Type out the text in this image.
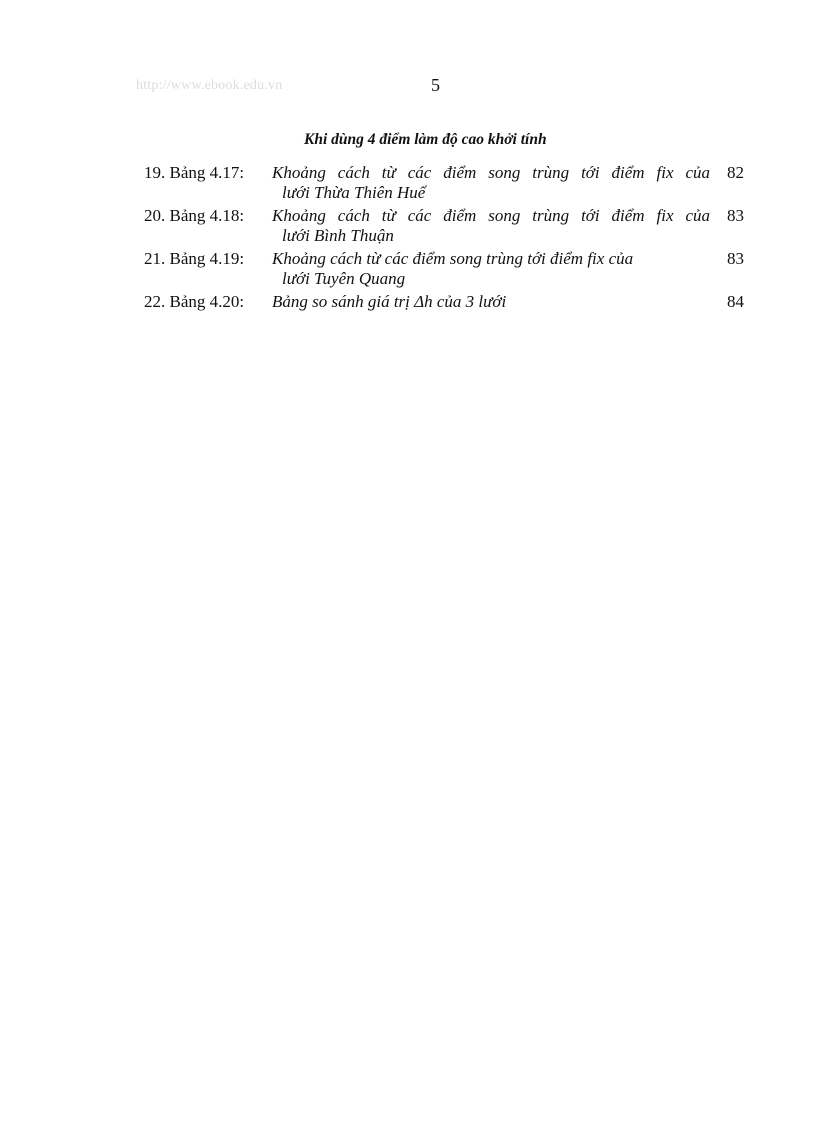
http://www.ebook.edu.vn	5
Khi dùng 4 điểm làm độ cao khởi tính
19. Bảng 4.17: Khoảng cách từ các điểm song trùng tới điểm fix của
lưới Thừa Thiên Huế
82
20. Bảng 4.18: Khoảng cách từ các điểm song trùng tới điểm fix của
lưới Bình Thuận
83
21. Bảng 4.19: Khoảng cách từ các điểm song trùng tới điểm fix của
lưới Tuyên Quang
83
22. Bảng 4.20: Bảng so sánh giá trị Δh của 3 lưới	84
